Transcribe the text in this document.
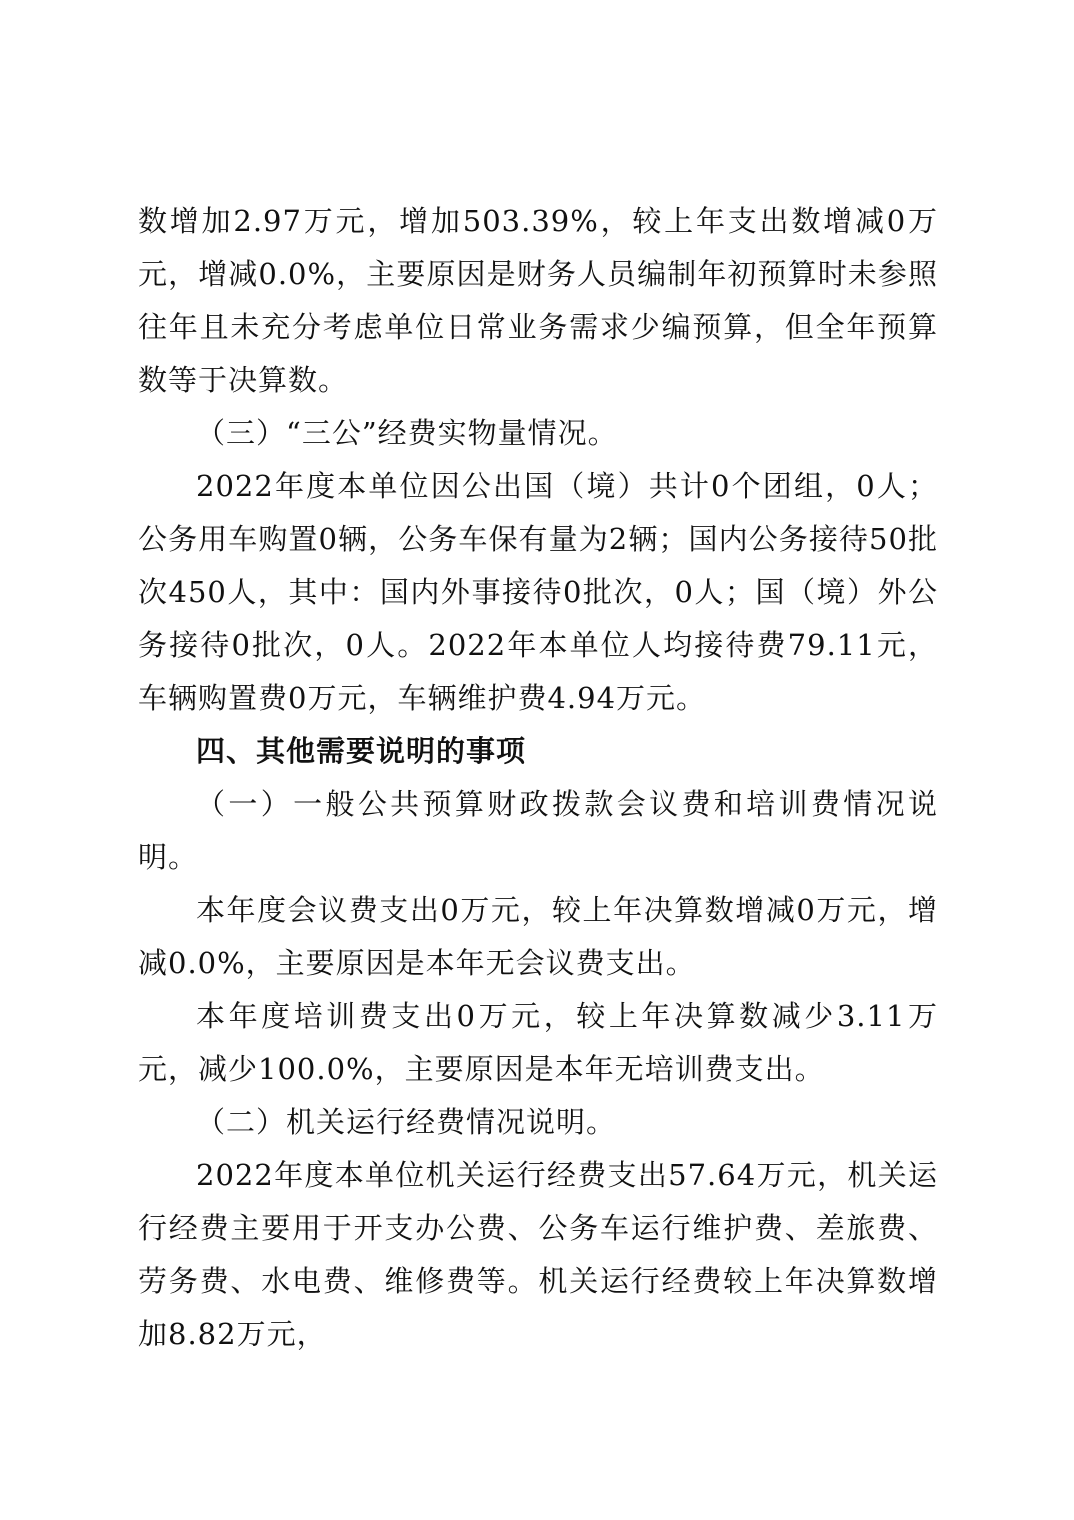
数增加2.97万元，增加503.39%，较上年支出数增减0万元，增减0.0%，主要原因是财务人员编制年初预算时未参照往年且未充分考虑单位日常业务需求少编预算，但全年预算数等于决算数。

（三）“三公”经费实物量情况。

2022年度本单位因公出国（境）共计0个团组，0人；公务用车购置0辆，公务车保有量为2辆；国内公务接待50批次450人，其中：国内外事接待0批次，0人；国（境）外公务接待0批次，0人。2022年本单位人均接待费79.11元，车辆购置费0万元，车辆维护费4.94万元。

四、其他需要说明的事项

（一）一般公共预算财政拨款会议费和培训费情况说明。

本年度会议费支出0万元，较上年决算数增减0万元，增减0.0%，主要原因是本年无会议费支出。

本年度培训费支出0万元，较上年决算数减少3.11万元，减少100.0%，主要原因是本年无培训费支出。

（二）机关运行经费情况说明。

2022年度本单位机关运行经费支出57.64万元，机关运行经费主要用于开支办公费、公务车运行维护费、差旅费、劳务费、水电费、维修费等。机关运行经费较上年决算数增加8.82万元，
